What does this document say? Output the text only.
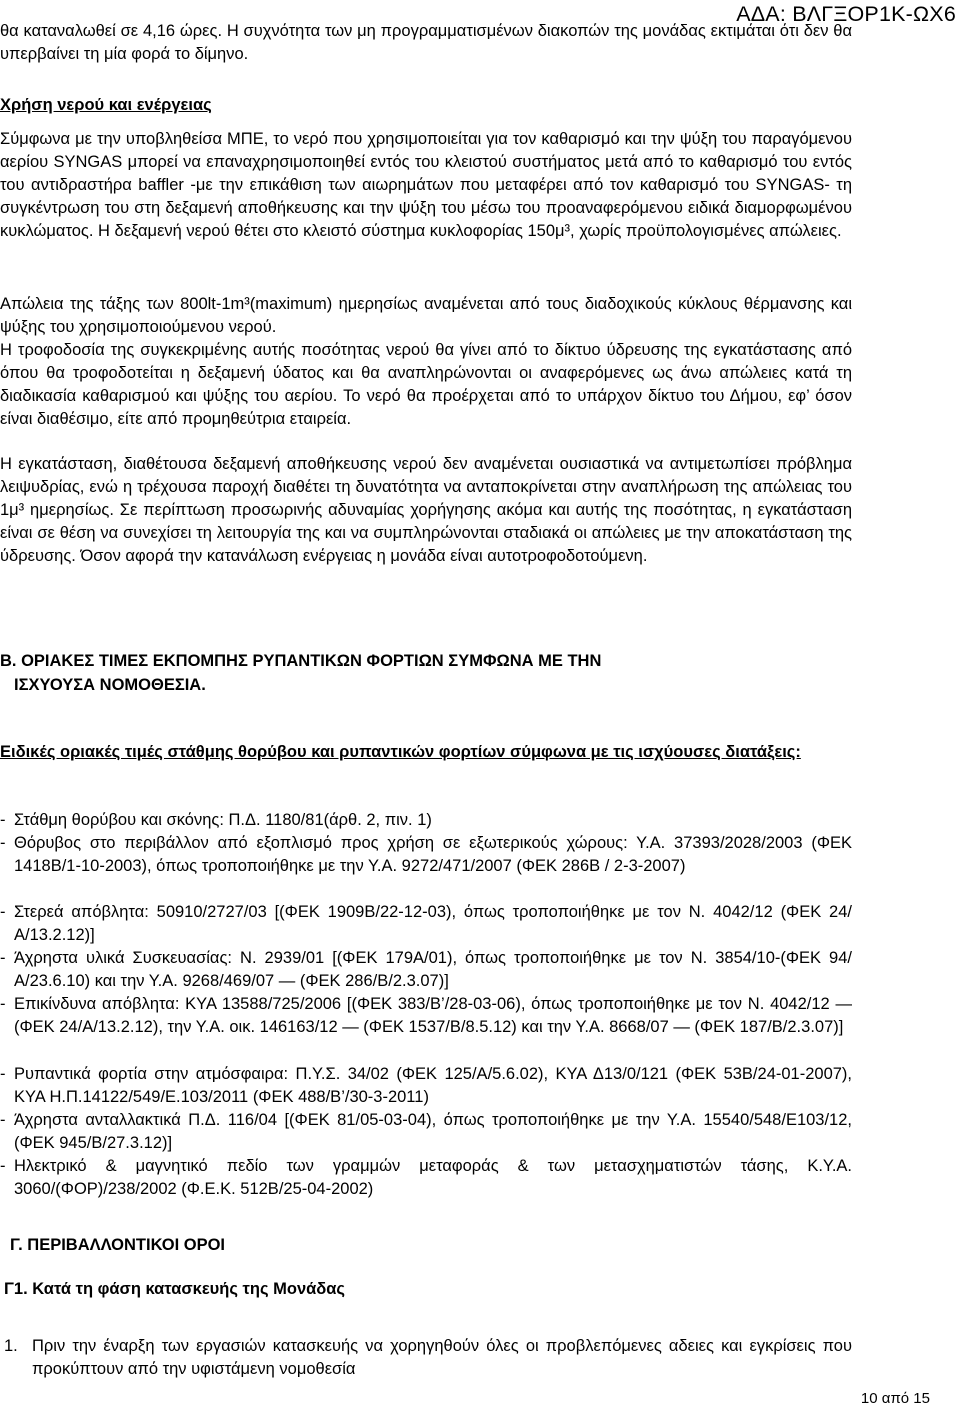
ΑΔΑ: ΒΛΓΞΟΡ1Κ-ΩΧ6
θα καταναλωθεί σε 4,16 ώρες. Η συχνότητα των μη προγραμματισμένων διακοπών της μονάδας εκτιμάται ότι δεν θα υπερβαίνει τη μία φορά το δίμηνο.
Χρήση νερού και ενέργειας
Σύμφωνα με την υποβληθείσα ΜΠΕ, το νερό που χρησιμοποιείται για τον καθαρισμό και την ψύξη του παραγόμενου αερίου SYNGAS μπορεί να επαναχρησιμοποιηθεί εντός του κλειστού συστήματος μετά από το καθαρισμό του εντός του αντιδραστήρα baffler -με την επικάθιση των αιωρημάτων που μεταφέρει από τον καθαρισμό του SYNGAS- τη συγκέντρωση του στη δεξαμενή αποθήκευσης και την ψύξη του μέσω του προαναφερόμενου ειδικά διαμορφωμένου κυκλώματος. Η δεξαμενή νερού θέτει στο κλειστό σύστημα κυκλοφορίας 150μ³, χωρίς προϋπολογισμένες απώλειες.
Απώλεια της τάξης των 800lt-1m³(maximum) ημερησίως αναμένεται από τους διαδοχικούς κύκλους θέρμανσης και ψύξης του χρησιμοποιούμενου νερού.
Η τροφοδοσία της συγκεκριμένης αυτής ποσότητας νερού θα γίνει από το δίκτυο ύδρευσης της εγκατάστασης από όπου θα τροφοδοτείται η δεξαμενή ύδατος και θα αναπληρώνονται οι αναφερόμενες ως άνω απώλειες κατά τη διαδικασία καθαρισμού και ψύξης του αερίου. Το νερό θα προέρχεται από το υπάρχον δίκτυο του Δήμου, εφ’ όσον είναι διαθέσιμο, είτε από προμηθεύτρια εταιρεία.
Η εγκατάσταση, διαθέτουσα δεξαμενή αποθήκευσης νερού δεν αναμένεται ουσιαστικά να αντιμετωπίσει πρόβλημα λειψυδρίας, ενώ η τρέχουσα παροχή διαθέτει τη δυνατότητα να ανταποκρίνεται στην αναπλήρωση της απώλειας του 1μ³ ημερησίως. Σε περίπτωση προσωρινής αδυναμίας χορήγησης ακόμα και αυτής της ποσότητας, η εγκατάσταση είναι σε θέση να συνεχίσει τη λειτουργία της και να συμπληρώνονται σταδιακά οι απώλειες με την αποκατάσταση της ύδρευσης. Όσον αφορά την κατανάλωση ενέργειας η μονάδα είναι αυτοτροφοδοτούμενη.
Β. ΟΡΙΑΚΕΣ ΤΙΜΕΣ ΕΚΠΟΜΠΗΣ ΡΥΠΑΝΤΙΚΩΝ ΦΟΡΤΙΩΝ ΣΥΜΦΩΝΑ ΜΕ ΤΗΝ
ΙΣΧΥΟΥΣΑ ΝΟΜΟΘΕΣΙΑ.
Ειδικές οριακές τιμές στάθμης θορύβου και ρυπαντικών φορτίων σύμφωνα με τις ισχύουσες διατάξεις:
- Στάθμη θορύβου και σκόνης: Π.Δ. 1180/81(άρθ. 2, πιν. 1)
- Θόρυβος στο περιβάλλον από εξοπλισμό προς χρήση σε εξωτερικούς χώρους: Υ.Α. 37393/2028/2003 (ΦΕΚ 1418Β/1-10-2003), όπως τροποποιήθηκε με την Υ.Α. 9272/471/2007 (ΦΕΚ 286Β / 2-3-2007)
- Στερεά απόβλητα: 50910/2727/03 [(ΦΕΚ 1909Β/22-12-03), όπως τροποποιήθηκε με τον Ν. 4042/12 (ΦΕΚ 24/Α/13.2.12)]
- Άχρηστα υλικά Συσκευασίας: Ν. 2939/01 [(ΦΕΚ 179Α/01), όπως τροποποιήθηκε με τον Ν. 3854/10-(ΦΕΚ 94/Α/23.6.10) και την Υ.Α. 9268/469/07 — (ΦΕΚ 286/Β/2.3.07)]
- Επικίνδυνα απόβλητα: ΚΥΑ 13588/725/2006 [(ΦΕΚ 383/Β’/28-03-06), όπως τροποποιήθηκε με τον Ν. 4042/12 — (ΦΕΚ 24/Α/13.2.12), την Υ.Α. οικ. 146163/12 — (ΦΕΚ 1537/Β/8.5.12) και την Υ.Α. 8668/07 — (ΦΕΚ 187/Β/2.3.07)]
- Ρυπαντικά φορτία στην ατμόσφαιρα: Π.Υ.Σ. 34/02 (ΦΕΚ 125/Α/5.6.02), ΚΥΑ Δ13/0/121 (ΦΕΚ 53Β/24-01-2007), ΚΥΑ Η.Π.14122/549/Ε.103/2011 (ΦΕΚ 488/Β’/30-3-2011)
- Άχρηστα ανταλλακτικά Π.Δ. 116/04 [(ΦΕΚ 81/05-03-04), όπως τροποποιήθηκε με την Υ.Α. 15540/548/Ε103/12, (ΦΕΚ 945/Β/27.3.12)]
- Ηλεκτρικό & μαγνητικό πεδίο των γραμμών μεταφοράς & των μετασχηματιστών τάσης, Κ.Υ.Α. 3060/(ΦΟΡ)/238/2002 (Φ.Ε.Κ. 512Β/25-04-2002)
Γ. ΠΕΡΙΒΑΛΛΟΝΤΙΚΟΙ ΟΡΟΙ
Γ1. Κατά τη φάση κατασκευής της Μονάδας
1. Πριν την έναρξη των εργασιών κατασκευής να χορηγηθούν όλες οι προβλεπόμενες αδειες και εγκρίσεις που προκύπτουν από την υφιστάμενη νομοθεσία
10 από 15
